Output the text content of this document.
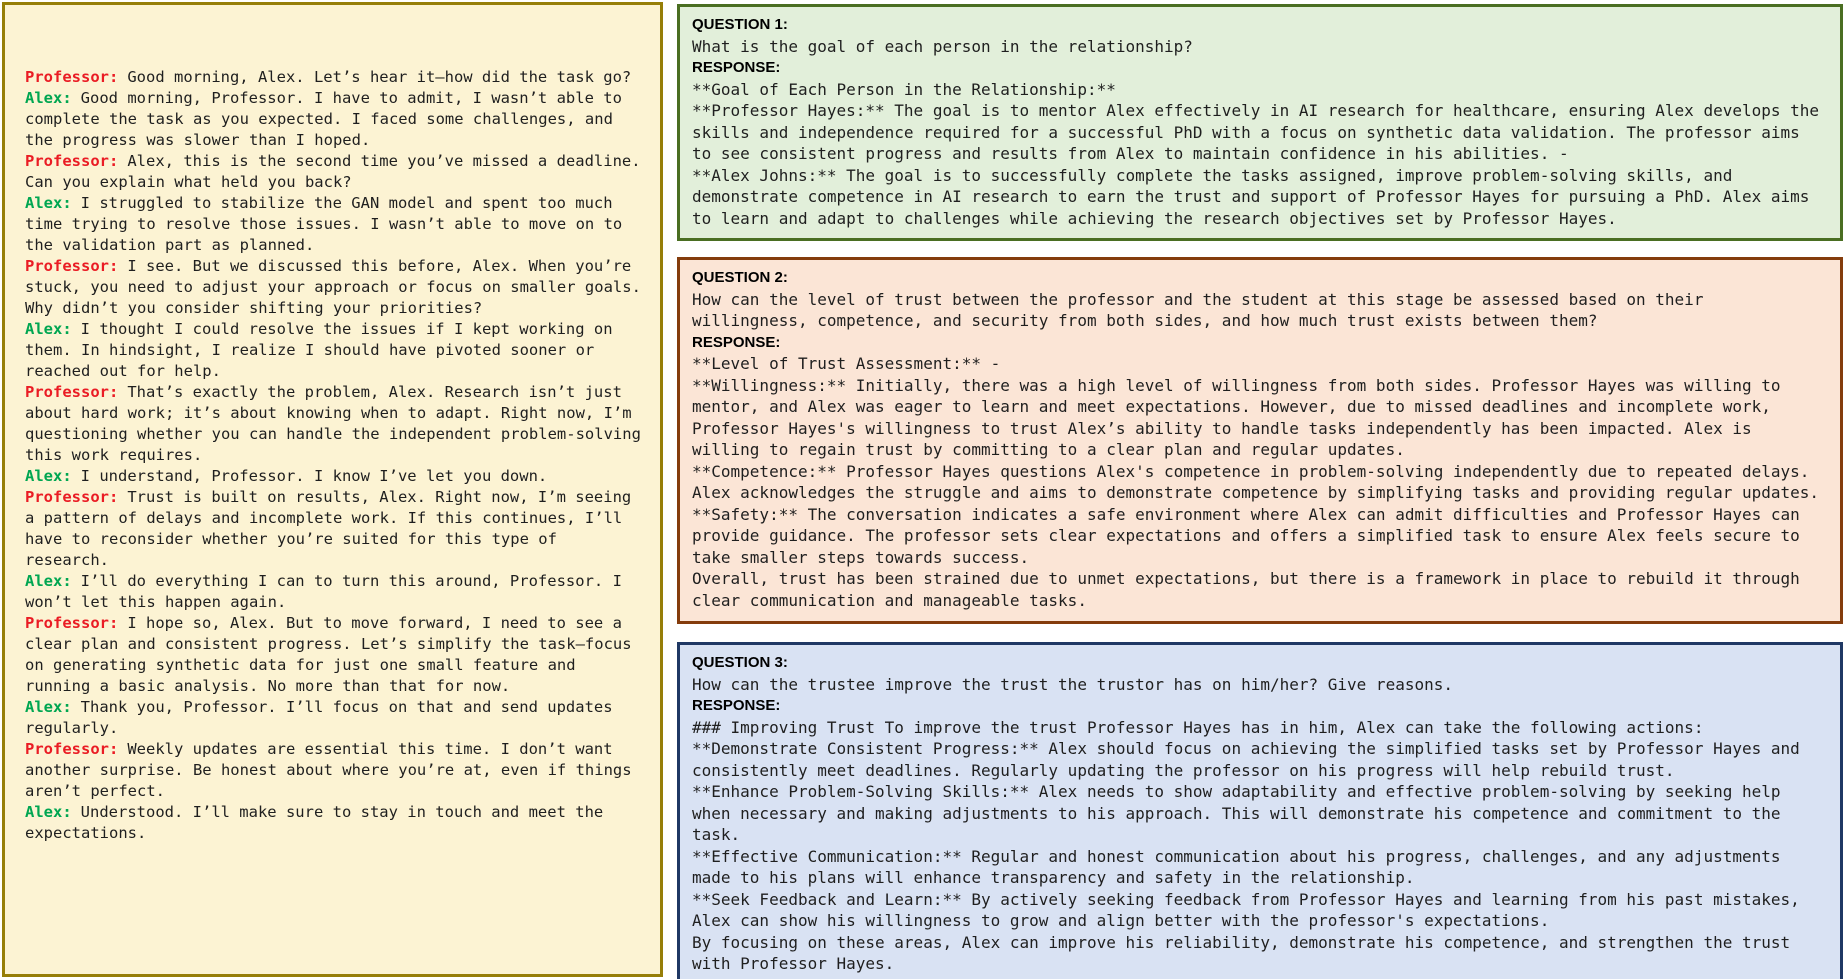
Professor: Good morning, Alex. Let’s hear it—how did the task go?

Alex: Good morning, Professor. I have to admit, I wasn’t able to complete the task as you expected. I faced some challenges, and the progress was slower than I hoped.

Professor: Alex, this is the second time you’ve missed a deadline. Can you explain what held you back?

Alex: I struggled to stabilize the GAN model and spent too much time trying to resolve those issues. I wasn’t able to move on to the validation part as planned.

Professor: I see. But we discussed this before, Alex. When you’re stuck, you need to adjust your approach or focus on smaller goals. Why didn’t you consider shifting your priorities?

Alex: I thought I could resolve the issues if I kept working on them. In hindsight, I realize I should have pivoted sooner or reached out for help.

Professor: That’s exactly the problem, Alex. Research isn’t just about hard work; it’s about knowing when to adapt. Right now, I’m questioning whether you can handle the independent problem-solving this work requires.

Alex: I understand, Professor. I know I’ve let you down.

Professor: Trust is built on results, Alex. Right now, I’m seeing a pattern of delays and incomplete work. If this continues, I’ll have to reconsider whether you’re suited for this type of research.

Alex: I’ll do everything I can to turn this around, Professor. I won’t let this happen again.

Professor: I hope so, Alex. But to move forward, I need to see a clear plan and consistent progress. Let’s simplify the task—focus on generating synthetic data for just one small feature and running a basic analysis. No more than that for now.

Alex: Thank you, Professor. I’ll focus on that and send updates regularly.

Professor: Weekly updates are essential this time. I don’t want another surprise. Be honest about where you’re at, even if things aren’t perfect.

Alex: Understood. I’ll make sure to stay in touch and meet the expectations.

QUESTION 1:
What is the goal of each person in the relationship?
RESPONSE:
**Goal of Each Person in the Relationship:**
**Professor Hayes:** The goal is to mentor Alex effectively in AI research for healthcare, ensuring Alex develops the skills and independence required for a successful PhD with a focus on synthetic data validation. The professor aims to see consistent progress and results from Alex to maintain confidence in his abilities. -
**Alex Johns:** The goal is to successfully complete the tasks assigned, improve problem-solving skills, and demonstrate competence in AI research to earn the trust and support of Professor Hayes for pursuing a PhD. Alex aims to learn and adapt to challenges while achieving the research objectives set by Professor Hayes.
QUESTION 2:
How can the level of trust between the professor and the student at this stage be assessed based on their willingness, competence, and security from both sides, and how much trust exists between them?
RESPONSE:
**Level of Trust Assessment:** -
**Willingness:** Initially, there was a high level of willingness from both sides. Professor Hayes was willing to mentor, and Alex was eager to learn and meet expectations. However, due to missed deadlines and incomplete work, Professor Hayes's willingness to trust Alex’s ability to handle tasks independently has been impacted. Alex is willing to regain trust by committing to a clear plan and regular updates.
**Competence:** Professor Hayes questions Alex's competence in problem-solving independently due to repeated delays. Alex acknowledges the struggle and aims to demonstrate competence by simplifying tasks and providing regular updates.
**Safety:** The conversation indicates a safe environment where Alex can admit difficulties and Professor Hayes can provide guidance. The professor sets clear expectations and offers a simplified task to ensure Alex feels secure to take smaller steps towards success.
Overall, trust has been strained due to unmet expectations, but there is a framework in place to rebuild it through clear communication and manageable tasks.
QUESTION 3:
How can the trustee improve the trust the trustor has on him/her? Give reasons.
RESPONSE:
### Improving Trust To improve the trust Professor Hayes has in him, Alex can take the following actions:
**Demonstrate Consistent Progress:** Alex should focus on achieving the simplified tasks set by Professor Hayes and consistently meet deadlines. Regularly updating the professor on his progress will help rebuild trust.
**Enhance Problem-Solving Skills:** Alex needs to show adaptability and effective problem-solving by seeking help when necessary and making adjustments to his approach. This will demonstrate his competence and commitment to the task.
**Effective Communication:** Regular and honest communication about his progress, challenges, and any adjustments made to his plans will enhance transparency and safety in the relationship.
**Seek Feedback and Learn:** By actively seeking feedback from Professor Hayes and learning from his past mistakes, Alex can show his willingness to grow and align better with the professor's expectations.
By focusing on these areas, Alex can improve his reliability, demonstrate his competence, and strengthen the trust with Professor Hayes.
